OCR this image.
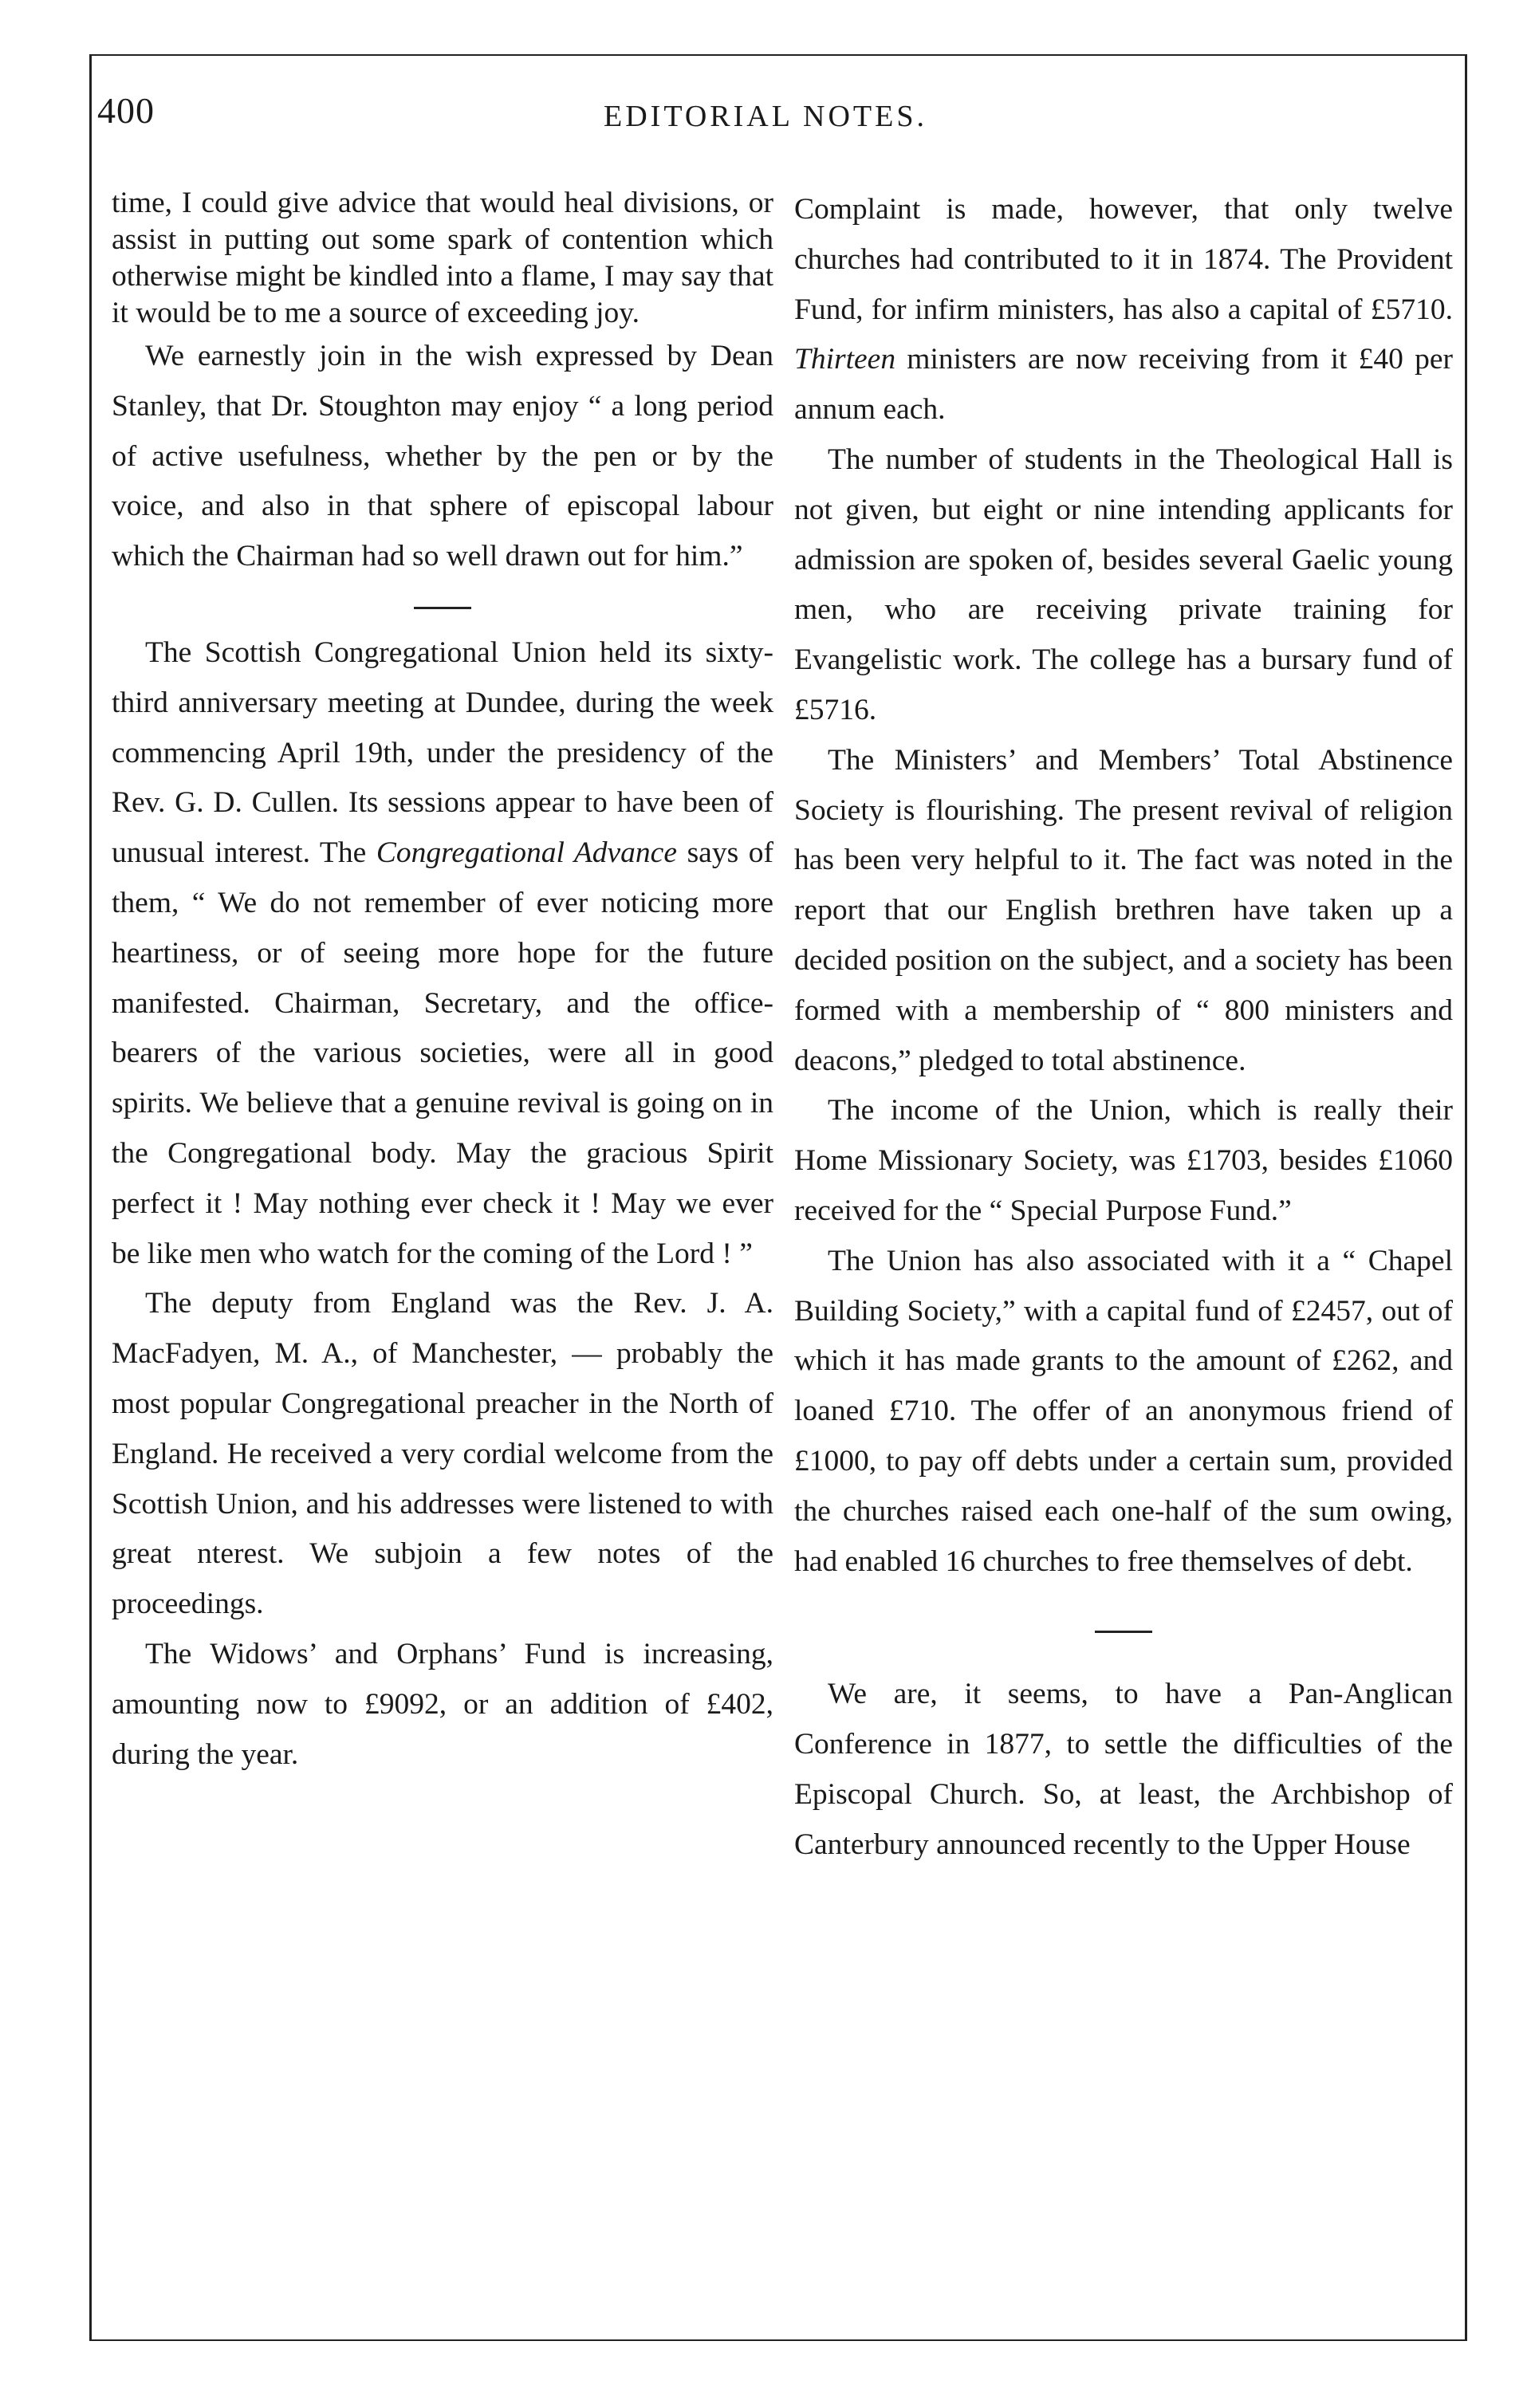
400	EDITORIAL NOTES.

time, I could give advice that would heal divisions, or assist in putting out some spark of contention which otherwise might be kindled into a flame, I may say that it would be to me a source of exceeding joy.

We earnestly join in the wish expressed by Dean Stanley, that Dr. Stoughton may enjoy “ a long period of active usefulness, whether by the pen or by the voice, and also in that sphere of episcopal labour which the Chairman had so well drawn out for him.”

The Scottish Congregational Union held its sixty-third anniversary meeting at Dundee, during the week commencing April 19th, under the presidency of the Rev. G. D. Cullen. Its sessions appear to have been of unusual interest. The Congregational Advance says of them, “ We do not remember of ever noticing more heartiness, or of seeing more hope for the future manifested. Chairman, Secretary, and the office-bearers of the various societies, were all in good spirits. We believe that a genuine revival is going on in the Congregational body. May the gracious Spirit perfect it ! May nothing ever check it ! May we ever be like men who watch for the coming of the Lord ! ”

The deputy from England was the Rev. J. A. MacFadyen, M. A., of Manchester, — probably the most popular Congregational preacher in the North of England. He received a very cordial welcome from the Scottish Union, and his addresses were listened to with great nterest. We subjoin a few notes of the proceedings.

The Widows’ and Orphans’ Fund is increasing, amounting now to £9092, or an addition of £402, during the year.

Complaint is made, however, that only twelve churches had contributed to it in 1874. The Provident Fund, for infirm ministers, has also a capital of £5710. Thirteen ministers are now receiving from it £40 per annum each.

The number of students in the Theological Hall is not given, but eight or nine intending applicants for admission are spoken of, besides several Gaelic young men, who are receiving private training for Evangelistic work. The college has a bursary fund of £5716.

The Ministers’ and Members’ Total Abstinence Society is flourishing. The present revival of religion has been very helpful to it. The fact was noted in the report that our English brethren have taken up a decided position on the subject, and a society has been formed with a membership of “ 800 ministers and deacons,” pledged to total abstinence.

The income of the Union, which is really their Home Missionary Society, was £1703, besides £1060 received for the “ Special Purpose Fund.”

The Union has also associated with it a “ Chapel Building Society,” with a capital fund of £2457, out of which it has made grants to the amount of £262, and loaned £710. The offer of an anonymous friend of £1000, to pay off debts under a certain sum, provided the churches raised each one-half of the sum owing, had enabled 16 churches to free themselves of debt.

We are, it seems, to have a Pan-Anglican Conference in 1877, to settle the difficulties of the Episcopal Church. So, at least, the Archbishop of Canterbury announced recently to the Upper House
